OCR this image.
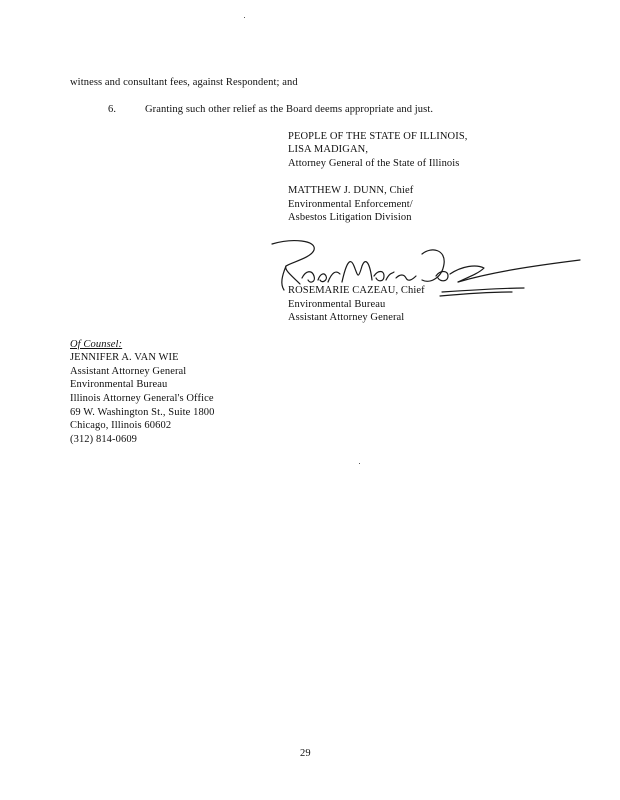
witness and consultant fees, against Respondent; and
6.	Granting such other relief as the Board deems appropriate and just.
PEOPLE OF THE STATE OF ILLINOIS,
LISA MADIGAN,
Attorney General of the State of Illinois
MATTHEW J. DUNN, Chief
Environmental Enforcement/
Asbestos Litigation Division
ROSEMARIE CAZEAU, Chief
Environmental Bureau
Assistant Attorney General
Of Counsel:
JENNIFER A. VAN WIE
Assistant Attorney General
Environmental Bureau
Illinois Attorney General's Office
69 W. Washington St., Suite 1800
Chicago, Illinois 60602
(312) 814-0609
29
